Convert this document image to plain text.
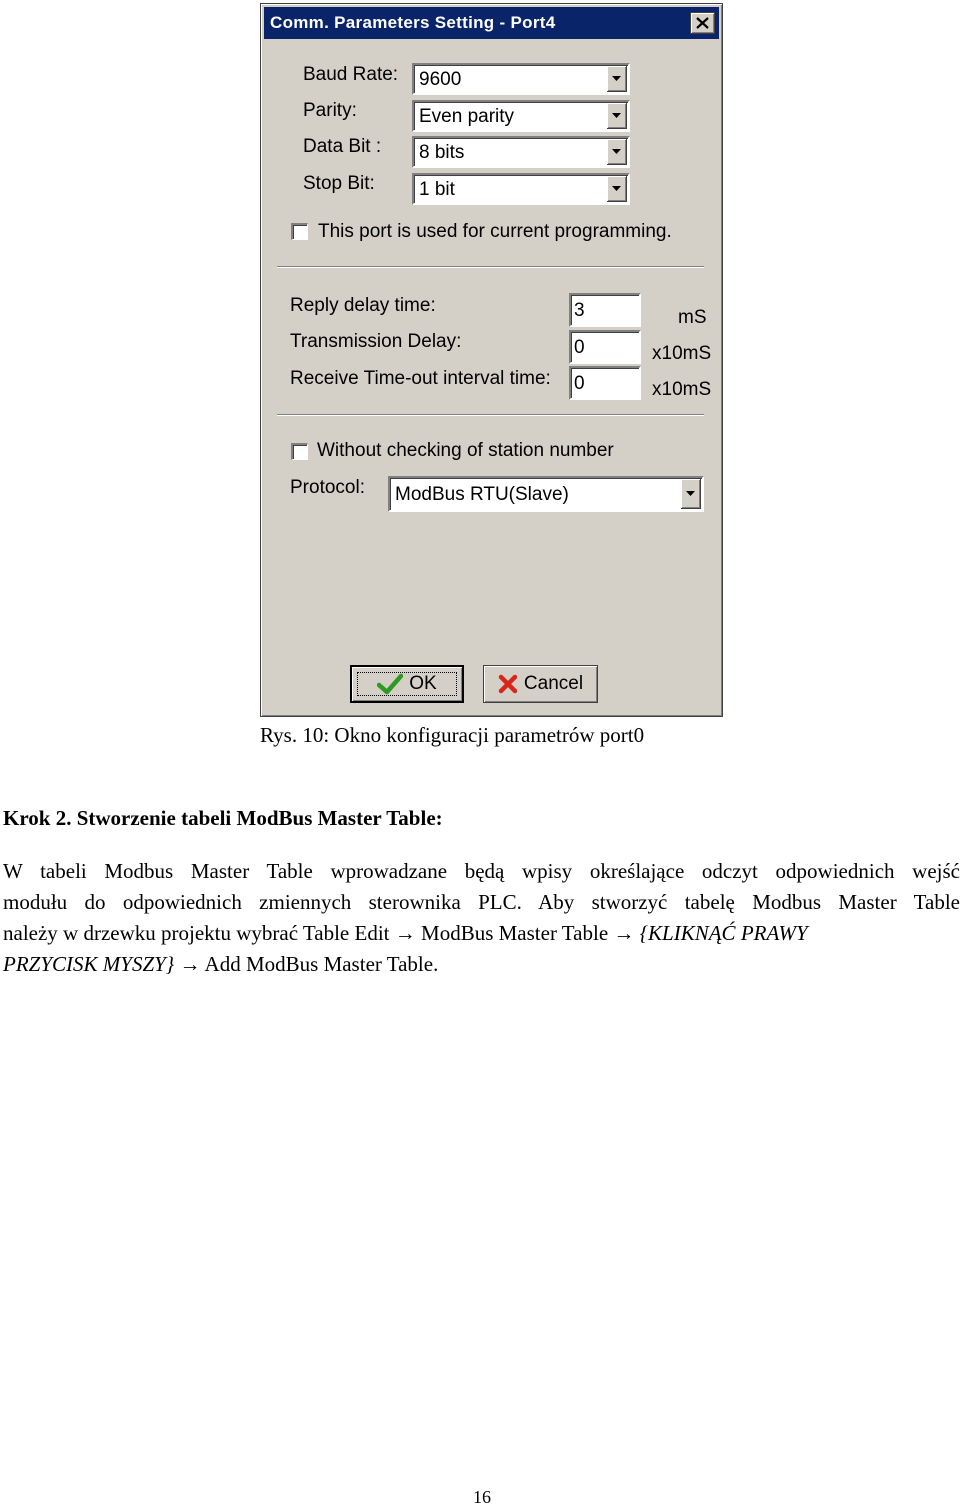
Comm. Parameters Setting - Port4
Baud Rate: 9600
Parity:	Even parity
Data Bit : 8 bits
Stop Bit: 1 bit
This port is used for current programming.
Reply delay time:	3	mS
Transmission Delay:	0	x10mS
Receive Time-out interval time: 0	x10mS
Without checking of station number
Protocol: ModBus RTU(Slave)
OK	Cancel
Rys. 10: Okno konfiguracji parametrów port0
Krok 2. Stworzenie tabeli ModBus Master Table:
W tabeli Modbus Master Table wprowadzane będą wpisy określające odczyt odpowiednich wejść
modułu do odpowiednich zmiennych sterownika PLC. Aby stworzyć tabelę Modbus Master Table
należy w drzewku projektu wybrać Table Edit → ModBus Master Table → {KLIKNĄĆ PRAWY
PRZYCISK MYSZY} → Add ModBus Master Table.
16
